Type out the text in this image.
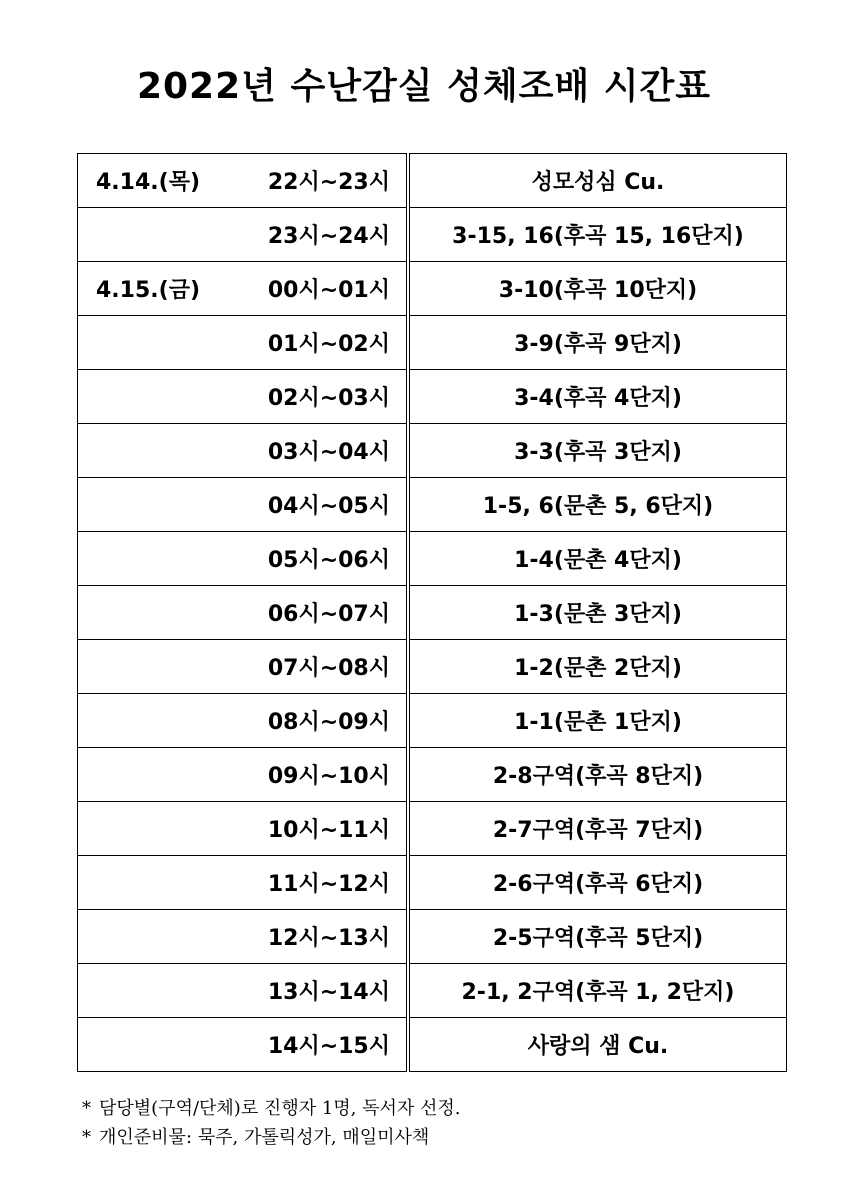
2022년 수난감실 성체조배 시간표
4.14.(목) 22시~23시	성모성심 Cu.
23시~24시	3-15, 16(후곡 15, 16단지)

4.15.(금) 00시~01시	3-10(후곡 10단지)
01시~02시	3-9(후곡 9단지)
02시~03시	3-4(후곡 4단지)
03시~04시	3-3(후곡 3단지)
04시~05시	1-5, 6(문촌 5, 6단지)
05시~06시	1-4(문촌 4단지)
06시~07시	1-3(문촌 3단지)
07시~08시	1-2(문촌 2단지)
08시~09시	1-1(문촌 1단지)
09시~10시	2-8구역(후곡 8단지)
10시~11시	2-7구역(후곡 7단지)
11시~12시	2-6구역(후곡 6단지)
12시~13시	2-5구역(후곡 5단지)
13시~14시	2-1, 2구역(후곡 1, 2단지)
14시~15시	사랑의 샘 Cu.
* 담당별(구역/단체)로 진행자 1명, 독서자 선정.
* 개인준비물: 묵주, 가톨릭성가, 매일미사책
